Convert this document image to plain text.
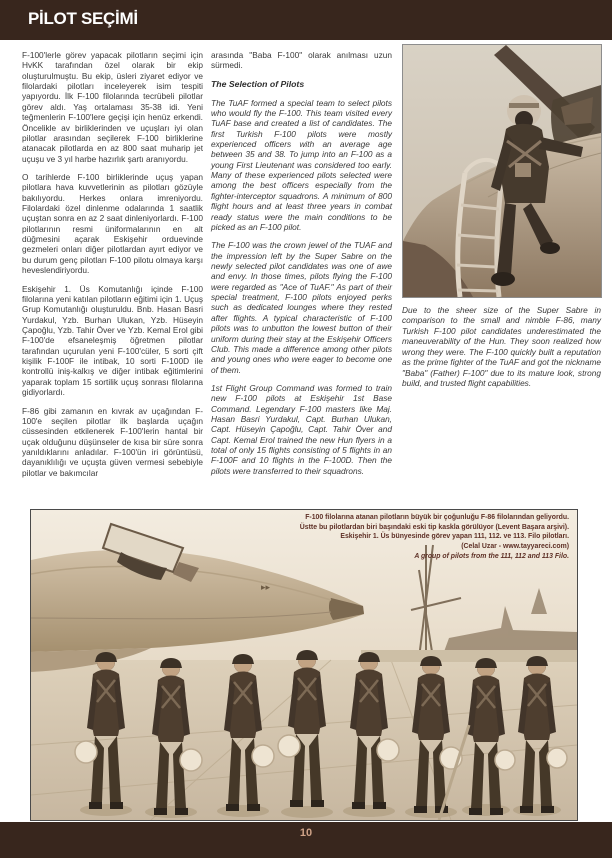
PİLOT SEÇİMİ

F-100'lerle görev yapacak pilotların seçimi için HvKK tarafından özel olarak bir ekip oluşturulmuştu. Bu ekip, üsleri ziyaret ediyor ve filolardaki pilotları inceleyerek isim tespiti yapıyordu. İlk F-100 filolarında tecrübeli pilotlar görev aldı. Yaş ortalaması 35-38 idi. Yeni teğmenlerin F-100'lere geçişi için henüz erkendi. Öncelikle av birliklerinden ve uçuşları iyi olan pilotlar arasından seçilerek F-100 birliklerine atanacak pilotlarda en az 800 saat muharip jet uçuşu ve 3 yıl harbe hazırlık şartı aranıyordu.

O tarihlerde F-100 birliklerinde uçuş yapan pilotlara hava kuvvetlerinin as pilotları gözüyle bakılıyordu. Herkes onlara imreniyordu. Filolardaki özel dinlenme odalarında 1 saatlik uçuştan sonra en az 2 saat dinleniyorlardı. F-100 pilotlarının resmi üniformalarının en alt düğmesini açarak Eskişehir orduevinde gezmeleri onları diğer pilotlardan ayırt ediyor ve bu durum genç pilotları F-100 pilotu olmaya karşı heveslendiriyordu.

Eskişehir 1. Üs Komutanlığı içinde F-100 filolarına yeni katılan pilotların eğitimi için 1. Uçuş Grup Komutanlığı oluşturuldu. Bnb. Hasan Basri Yurdakul, Yzb. Burhan Ulukan, Yzb. Hüseyin Çapoğlu, Yzb. Tahir Över ve Yzb. Kemal Erol gibi F-100'de efsaneleşmiş öğretmen pilotlar tarafından uçurulan yeni F-100'cüler, 5 sorti çift kişilik F-100F ile intibak, 10 sorti F-100D ile kontrollü iniş-kalkış ve diğer intibak eğitimlerini yaparak toplam 15 sortilik uçuş sonrası filolarına gidiyorlardı.

F-86 gibi zamanın en kıvrak av uçağından F-100'e seçilen pilotlar ilk başlarda uçağın cüssesinden etkilenerek F-100'lerin hantal bir uçak olduğunu düşünseler de kısa bir süre sonra yanıldıklarını anladılar. F-100'ün iri görüntüsü, dayanıklılığı ve uçuşta güven vermesi sebebiyle pilotlar ve bakımcılar

arasında "Baba F-100" olarak anılması uzun sürmedi.

The Selection of Pilots

The TuAF formed a special team to select pilots who would fly the F-100. This team visited every TuAF base and created a list of candidates. The first Turkish F-100 pilots were mostly experienced officers with an average age between 35 and 38. To jump into an F-100 as a young First Lieutenant was considered too early. Many of these experienced pilots selected were among the best officers especially from the fighter-interceptor squadrons. A minimum of 800 flight hours and at least three years in combat ready status were the main conditions to be picked as an F-100 pilot.

The F-100 was the crown jewel of the TUAF and the impression left by the Super Sabre on the newly selected pilot candidates was one of awe and envy. In those times, pilots flying the F-100 were regarded as "Ace of TuAF." As part of their special treatment, F-100 pilots enjoyed perks such as dedicated lounges where they rested after flights. A typical characteristic of F-100 pilots was to unbutton the lowest button of their uniform during their stay at the Eskişehir Officers Club. This made a difference among other pilots and young ones who were eager to become one of them.

1st Flight Group Command was formed to train new F-100 pilots at Eskişehir 1st Base Command. Legendary F-100 masters like Maj. Hasan Basri Yurdakul, Capt. Burhan Ulukan, Capt. Hüseyin Çapoğlu, Capt. Tahir Över and Capt. Kemal Erol trained the new Hun flyers in a total of only 15 flights consisting of 5 flights in an F-100F and 10 flights in the F-100D. Then the pilots were transferred to their squadrons.

Due to the sheer size of the Super Sabre in comparison to the small and nimble F-86, many Turkish F-100 pilot candidates underestimated the maneuverability of the Hun. They soon realized how wrong they were. The F-100 quickly built a reputation as the prime fighter of the TuAF and got the nickname "Baba" (Father) F-100" due to its mature look, strong build, and trusted flight capabilities.
▸▸
F-100 filolarına atanan pilotların büyük bir çoğunluğu F-86 filolarından geliyordu.
Üstte bu pilotlardan biri başındaki eski tip kaskla görülüyor (Levent Başara arşivi).
Eskişehir 1. Üs bünyesinde görev yapan 111, 112. ve 113. Filo pilotları.
(Celal Uzar - www.tayyareci.com)
A group of pilots from the 111, 112 and 113 Filo.
10
